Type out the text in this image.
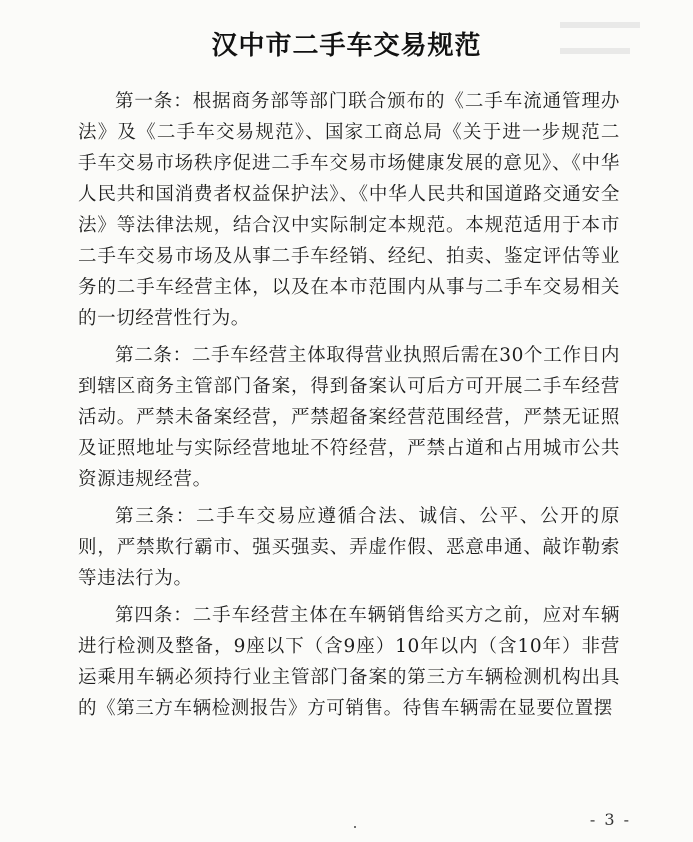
汉中市二手车交易规范

第一条：根据商务部等部门联合颁布的《二手车流通管理办法》及《二手车交易规范》、国家工商总局《关于进一步规范二手车交易市场秩序促进二手车交易市场健康发展的意见》、《中华人民共和国消费者权益保护法》、《中华人民共和国道路交通安全法》等法律法规，结合汉中实际制定本规范。本规范适用于本市二手车交易市场及从事二手车经销、经纪、拍卖、鉴定评估等业务的二手车经营主体，以及在本市范围内从事与二手车交易相关的一切经营性行为。

第二条：二手车经营主体取得营业执照后需在30个工作日内到辖区商务主管部门备案，得到备案认可后方可开展二手车经营活动。严禁未备案经营，严禁超备案经营范围经营，严禁无证照及证照地址与实际经营地址不符经营，严禁占道和占用城市公共资源违规经营。

第三条：二手车交易应遵循合法、诚信、公平、公开的原则，严禁欺行霸市、强买强卖、弄虚作假、恶意串通、敲诈勒索等违法行为。

第四条：二手车经营主体在车辆销售给买方之前，应对车辆进行检测及整备，9座以下（含9座）10年以内（含10年）非营运乘用车辆必须持行业主管部门备案的第三方车辆检测机构出具的《第三方车辆检测报告》方可销售。待售车辆需在显要位置摆

- 3 -
